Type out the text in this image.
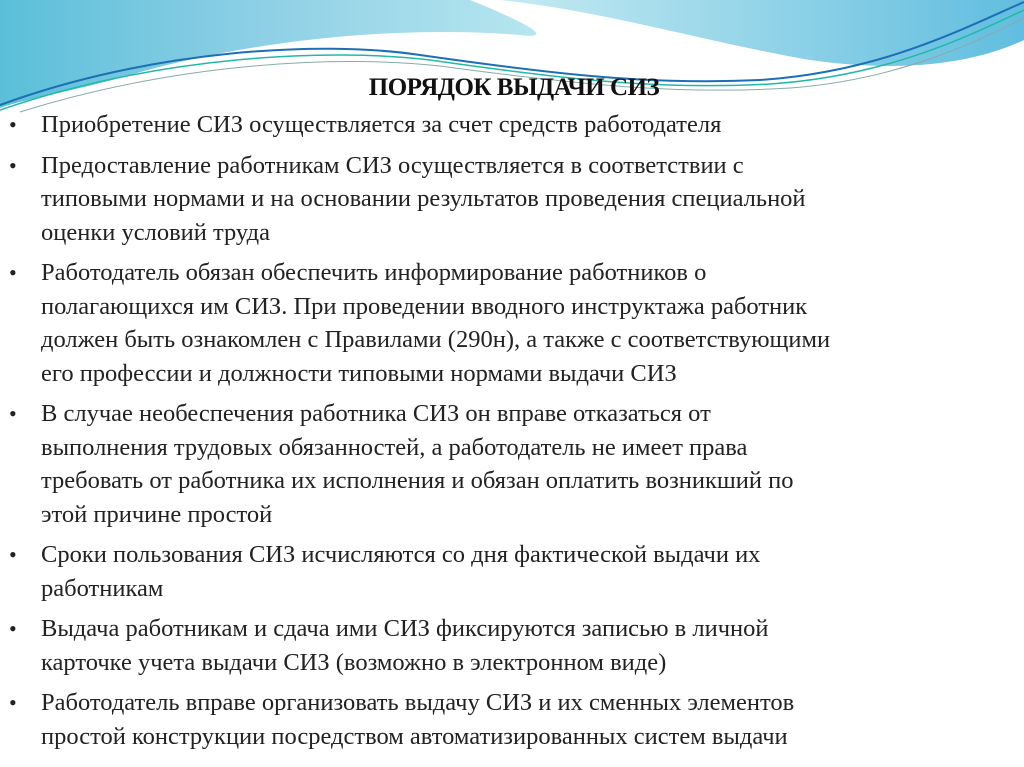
ПОРЯДОК ВЫДАЧИ СИЗ
• Приобретение СИЗ осуществляется за счет средств работодателя
• Предоставление работникам СИЗ осуществляется в соответствии с
типовыми нормами и на основании результатов проведения специальной
оценки условий труда
• Работодатель обязан обеспечить информирование работников о
полагающихся им СИЗ. При проведении вводного инструктажа работник
должен быть ознакомлен с Правилами (290н), а также с соответствующими
его профессии и должности типовыми нормами выдачи СИЗ
• В случае необеспечения работника СИЗ он вправе отказаться от
выполнения трудовых обязанностей, а работодатель не имеет права
требовать от работника их исполнения и обязан оплатить возникший по
этой причине простой
• Сроки пользования СИЗ исчисляются со дня фактической выдачи их
работникам
• Выдача работникам и сдача ими СИЗ фиксируются записью в личной
карточке учета выдачи СИЗ (возможно в электронном виде)
• Работодатель вправе организовать выдачу СИЗ и их сменных элементов
простой конструкции посредством автоматизированных систем выдачи
